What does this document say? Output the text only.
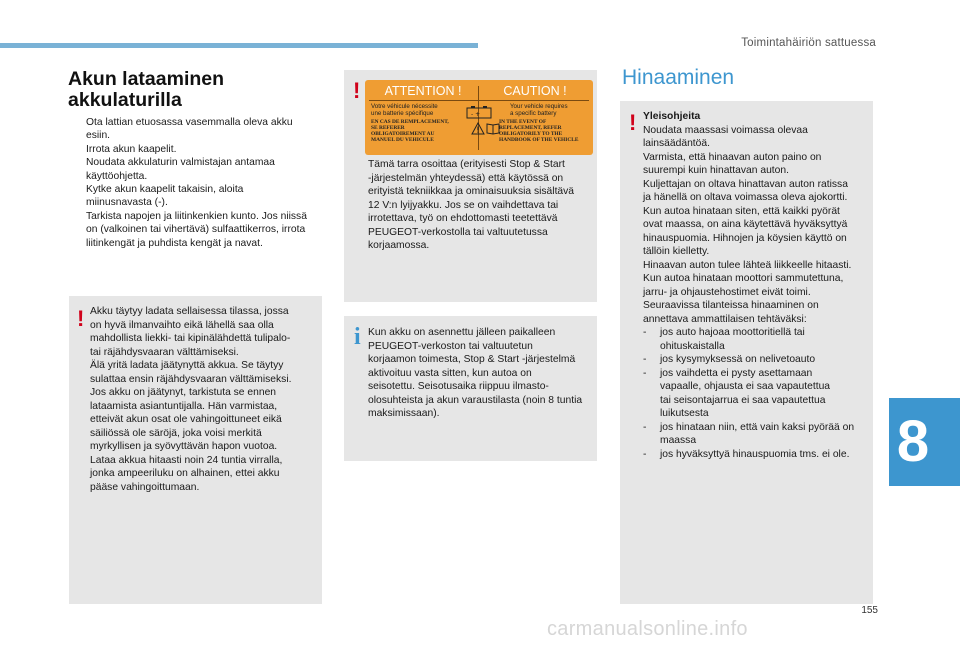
Toimintahäiriön sattuessa
8
155
carmanualsonline.info
Akun lataaminen
akkulaturilla
Ota lattian etuosassa vasemmalla oleva akku
esiin.
Irrota akun kaapelit.
Noudata akkulaturin valmistajan antamaa
käyttöohjetta.
Kytke akun kaapelit takaisin, aloita
miinusnavasta (-).
Tarkista napojen ja liitinkenkien kunto. Jos niissä
on (valkoinen tai vihertävä) sulfaattikerros, irrota
liitinkengät ja puhdista kengät ja navat.
! Akku täytyy ladata sellaisessa tilassa, jossa
on hyvä ilmanvaihto eikä lähellä saa olla
mahdollista liekki- tai kipinälähdettä tulipalo-
tai räjähdysvaaran välttämiseksi.
Älä yritä ladata jäätynyttä akkua. Se täytyy
sulattaa ensin räjähdysvaaran välttämiseksi.
Jos akku on jäätynyt, tarkistuta se ennen
lataamista asiantuntijalla. Hän varmistaa,
etteivät akun osat ole vahingoittuneet eikä
säiliössä ole säröjä, joka voisi merkitä
myrkyllisen ja syövyttävän hapon vuotoa.
Lataa akkua hitaasti noin 24 tuntia virralla,
jonka ampeeriluku on alhainen, ettei akku
pääse vahingoittumaan.
!
Tämä tarra osoittaa (erityisesti Stop & Start
-järjestelmän yhteydessä) että käytössä on
erityistä tekniikkaa ja ominaisuuksia sisältävä
12 V:n lyijyakku. Jos se on vaihdettava tai
irrotettava, työ on ehdottomasti teetettävä
PEUGEOT-verkostolla tai valtuutetussa
korjaamossa.
ATTENTION !	CAUTION !
Votre véhicule nécessite
une batterie spécifique
Your vehicle requires
a specific battery
- +
EN CAS DE REMPLACEMENT,
SE REFERER
OBLIGATOIREMENT AU
MANUEL DU VEHICULE
IN THE EVENT OF
REPLACEMENT, REFER
OBLIGATORILY TO THE
HANDBOOK OF THE VEHICLE
i Kun akku on asennettu jälleen paikalleen
PEUGEOT-verkoston tai valtuutetun
korjaamon toimesta, Stop & Start -järjestelmä
aktivoituu vasta sitten, kun autoa on
seisotettu. Seisotusaika riippuu ilmasto-
olosuhteista ja akun varaustilasta (noin 8 tuntia
maksimissaan).
Hinaaminen
! Yleisohjeita
Noudata maassasi voimassa olevaa
lainsäädäntöä.
Varmista, että hinaavan auton paino on
suurempi kuin hinattavan auton.
Kuljettajan on oltava hinattavan auton ratissa
ja hänellä on oltava voimassa oleva ajokortti.
Kun autoa hinataan siten, että kaikki pyörät
ovat maassa, on aina käytettävä hyväksyttyä
hinauspuomia. Hihnojen ja köysien käyttö on
tällöin kielletty.
Hinaavan auton tulee lähteä liikkeelle hitaasti.
Kun autoa hinataan moottori sammutettuna,
jarru- ja ohjaustehostimet eivät toimi.
Seuraavissa tilanteissa hinaaminen on
annettava ammattilaisen tehtäväksi:
- jos auto hajoaa moottoritiellä tai
ohituskaistalla
- jos kysymyksessä on nelivetoauto
- jos vaihdetta ei pysty asettamaan
vapaalle, ohjausta ei saa vapautettua
tai seisontajarrua ei saa vapautettua
luikutsesta
- jos hinataan niin, että vain kaksi pyörää on
maassa
- jos hyväksyttyä hinauspuomia tms. ei ole.
